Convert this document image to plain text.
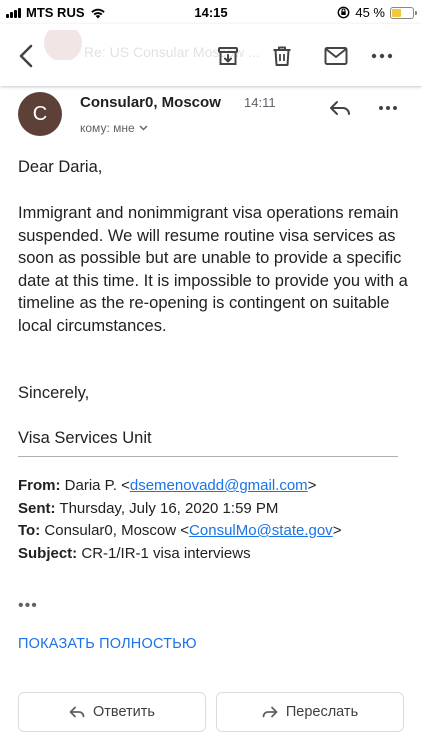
MTS RUS	14:15	45 %
Re: US Consular Moscow ...
C	Consular0, Moscow 14:11
кому: мне

Dear Daria,

Immigrant and nonimmigrant visa operations remain suspended. We will resume routine visa services as soon as possible but are unable to provide a specific date at this time. It is impossible to provide you with a timeline as the re-opening is contingent on suitable local circumstances.

Sincerely,

Visa Services Unit

From: Daria P. <dsemenovadd@gmail.com>
Sent: Thursday, July 16, 2020 1:59 PM
To: Consular0, Moscow <ConsulMo@state.gov>
Subject: CR-1/IR-1 visa interviews
•••
ПОКАЗАТЬ ПОЛНОСТЬЮ
Ответить	Переслать
